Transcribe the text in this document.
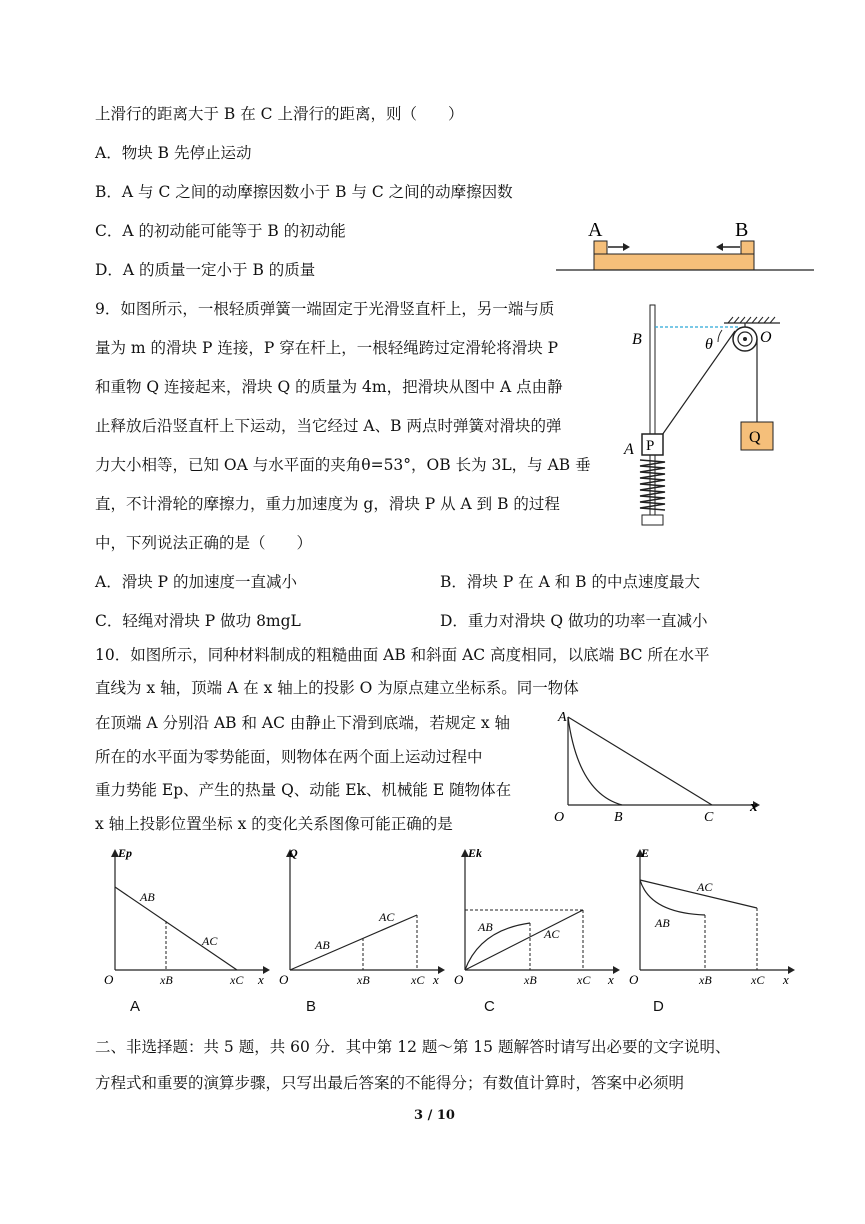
上滑行的距离大于 B 在 C 上滑行的距离，则（　　）
A．物块 B 先停止运动
B．A 与 C 之间的动摩擦因数小于 B 与 C 之间的动摩擦因数
C．A 的初动能可能等于 B 的初动能
D．A 的质量一定小于 B 的质量
A	B
9．如图所示，一根轻质弹簧一端固定于光滑竖直杆上，另一端与质
量为 m 的滑块 P 连接，P 穿在杆上，一根轻绳跨过定滑轮将滑块 P
和重物 Q 连接起来，滑块 Q 的质量为 4m，把滑块从图中 A 点由静
止释放后沿竖直杆上下运动，当它经过 A、B 两点时弹簧对滑块的弹
力大小相等，已知 OA 与水平面的夹角θ=53°，OB 长为 3L，与 AB 垂
直，不计滑轮的摩擦力，重力加速度为 g，滑块 P 从 A 到 B 的过程
中，下列说法正确的是（　　）
A．滑块 P 的加速度一直减小	B．滑块 P 在 A 和 B 的中点速度最大
C．轻绳对滑块 P 做功 8mgL	D．重力对滑块 Q 做功的功率一直减小
B
A
O
θ
P	Q
10．如图所示，同种材料制成的粗糙曲面 AB 和斜面 AC 高度相同，以底端 BC 所在水平
直线为 x 轴，顶端 A 在 x 轴上的投影 O 为原点建立坐标系。同一物体
在顶端 A 分别沿 AB 和 AC 由静止下滑到底端，若规定 x 轴
所在的水平面为零势能面，则物体在两个面上运动过程中
重力势能 Ep、产生的热量 Q、动能 Ek、机械能 E 随物体在
x 轴上投影位置坐标 x 的变化关系图像可能正确的是
A
O	B	C
x
Ep
AB
AC
O	xB	xC x
A
Q
AB
AC
O	xB	xC x
B
Ek
AB	AC
O	xB	xC x
C
E
AC
AB
O	xB	xC x
D
二、非选择题：共 5 题，共 60 分．其中第 12 题～第 15 题解答时请写出必要的文字说明、
方程式和重要的演算步骤，只写出最后答案的不能得分；有数值计算时，答案中必须明
3 / 10
